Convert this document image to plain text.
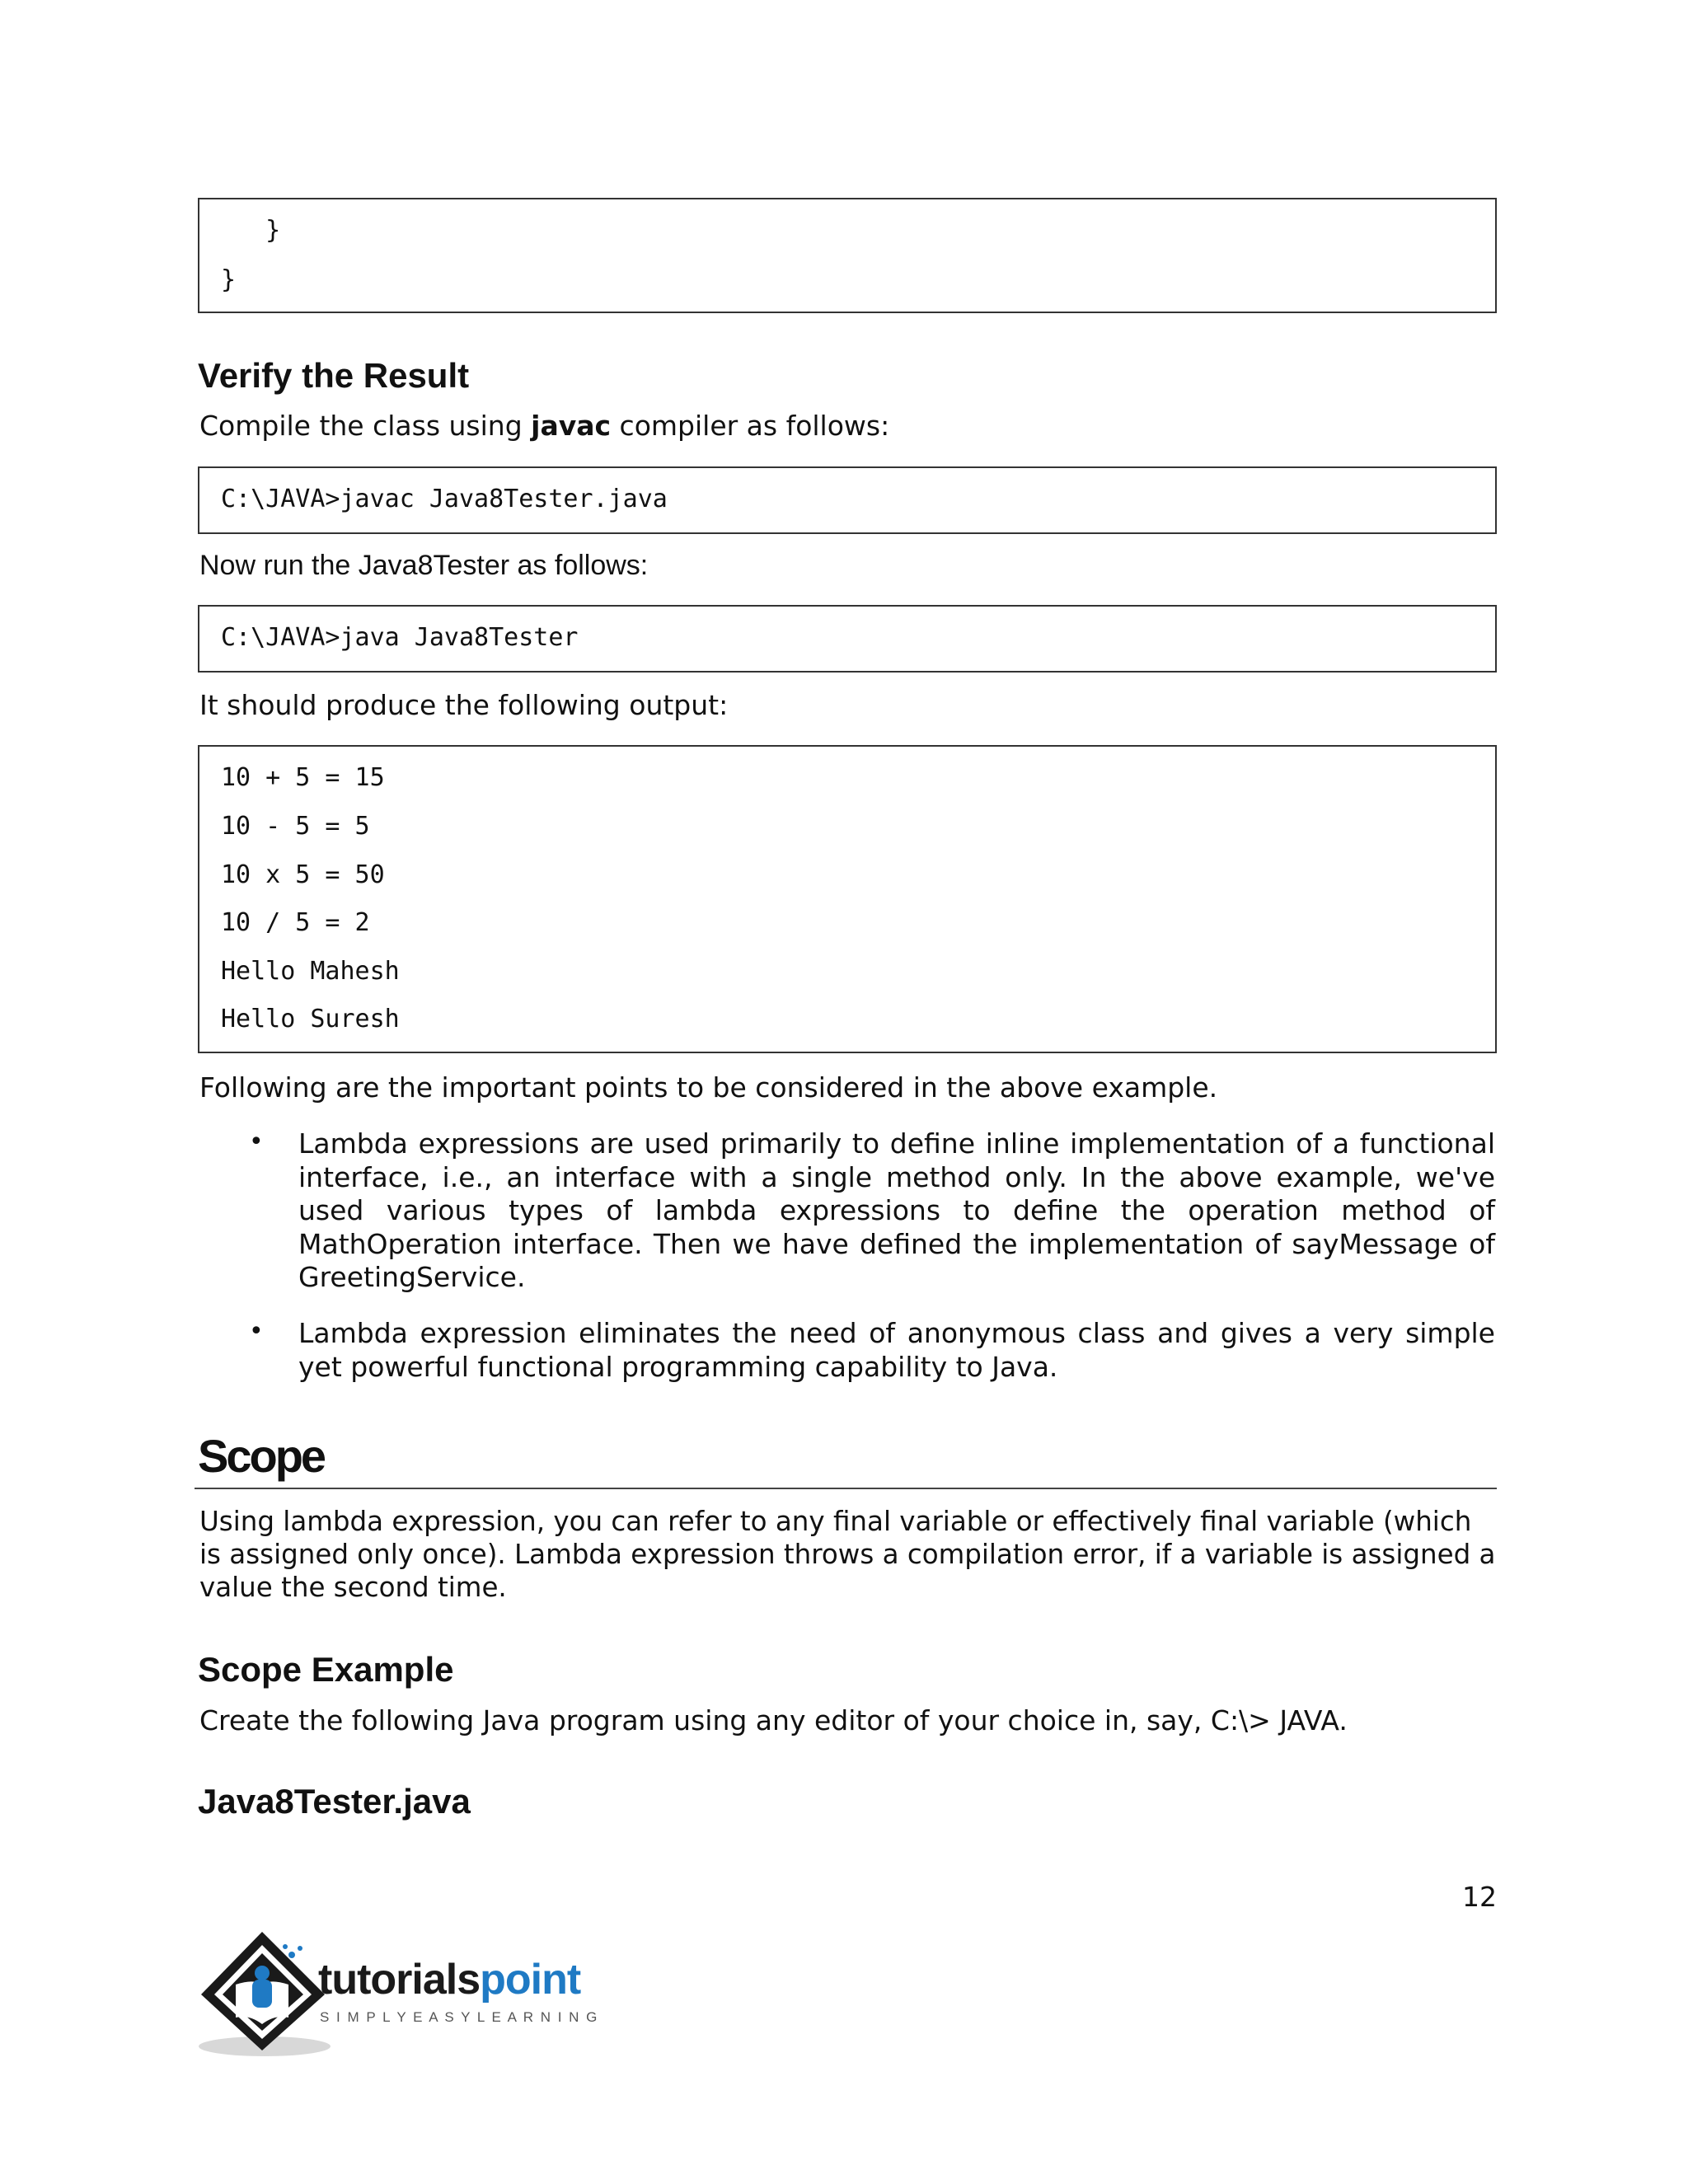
}
}
Verify the Result
Compile the class using javac compiler as follows:
C:\JAVA>javac Java8Tester.java
Now run the Java8Tester as follows:
C:\JAVA>java Java8Tester
It should produce the following output:
10 + 5 = 15
10 - 5 = 5
10 x 5 = 50
10 / 5 = 2
Hello Mahesh
Hello Suresh
Following are the important points to be considered in the above example.
• Lambda expressions are used primarily to define inline implementation of a functional interface, i.e., an interface with a single method only. In the above example, we've used various types of lambda expressions to define the operation method of MathOperation interface. Then we have defined the implementation of sayMessage of GreetingService.
• Lambda expression eliminates the need of anonymous class and gives a very simple yet powerful functional programming capability to Java.
Scope
Using lambda expression, you can refer to any final variable or effectively final variable (which is assigned only once). Lambda expression throws a compilation error, if a variable is assigned a value the second time.
Scope Example
Create the following Java program using any editor of your choice in, say, C:\> JAVA.
Java8Tester.java
12
tutorialspoint
S I M P L Y E A S Y L E A R N I N G
